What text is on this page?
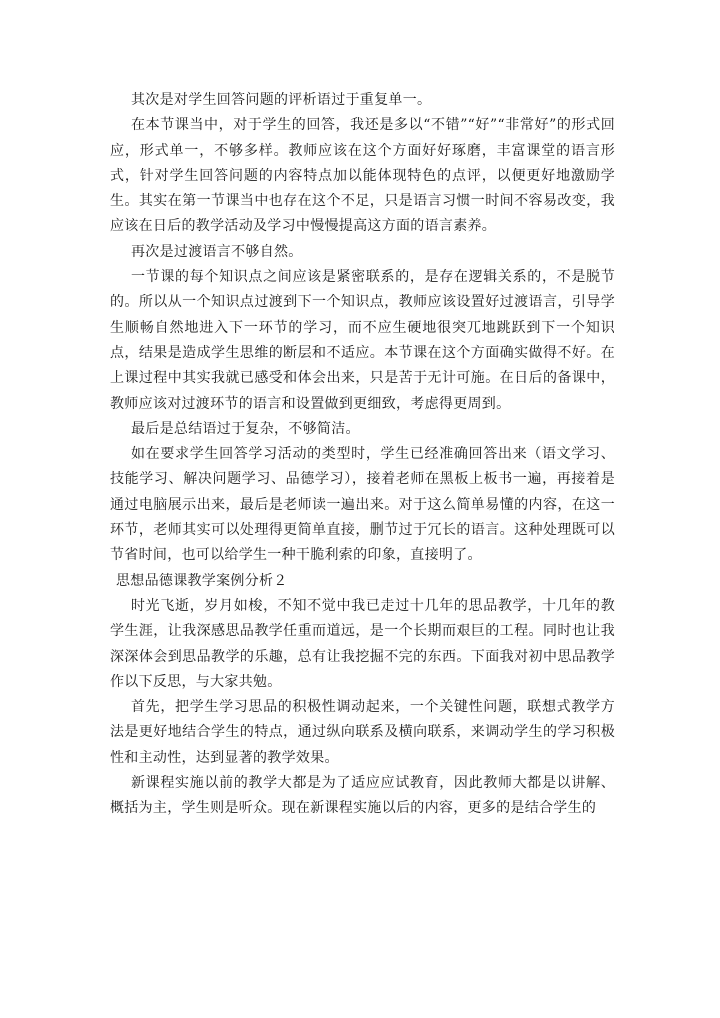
其次是对学生回答问题的评析语过于重复单一。

在本节课当中，对于学生的回答，我还是多以“不错”“好”“非常好”的形式回应，形式单一，不够多样。教师应该在这个方面好好琢磨，丰富课堂的语言形式，针对学生回答问题的内容特点加以能体现特色的点评，以便更好地激励学生。其实在第一节课当中也存在这个不足，只是语言习惯一时间不容易改变，我应该在日后的教学活动及学习中慢慢提高这方面的语言素养。

再次是过渡语言不够自然。

一节课的每个知识点之间应该是紧密联系的，是存在逻辑关系的，不是脱节的。所以从一个知识点过渡到下一个知识点，教师应该设置好过渡语言，引导学生顺畅自然地进入下一环节的学习，而不应生硬地很突兀地跳跃到下一个知识点，结果是造成学生思维的断层和不适应。本节课在这个方面确实做得不好。在上课过程中其实我就已感受和体会出来，只是苦于无计可施。在日后的备课中，教师应该对过渡环节的语言和设置做到更细致，考虑得更周到。

最后是总结语过于复杂，不够简洁。

如在要求学生回答学习活动的类型时，学生已经准确回答出来（语文学习、技能学习、解决问题学习、品德学习），接着老师在黑板上板书一遍，再接着是通过电脑展示出来，最后是老师读一遍出来。对于这么简单易懂的内容，在这一环节，老师其实可以处理得更简单直接，删节过于冗长的语言。这种处理既可以节省时间，也可以给学生一种干脆利索的印象，直接明了。

思想品德课教学案例分析２

时光飞逝，岁月如梭，不知不觉中我已走过十几年的思品教学，十几年的教学生涯，让我深感思品教学任重而道远，是一个长期而艰巨的工程。同时也让我深深体会到思品教学的乐趣，总有让我挖掘不完的东西。下面我对初中思品教学作以下反思，与大家共勉。

首先，把学生学习思品的积极性调动起来，一个关键性问题，联想式教学方法是更好地结合学生的特点，通过纵向联系及横向联系，来调动学生的学习积极性和主动性，达到显著的教学效果。

新课程实施以前的教学大都是为了适应应试教育，因此教师大都是以讲解、概括为主，学生则是听众。现在新课程实施以后的内容，更多的是结合学生的
